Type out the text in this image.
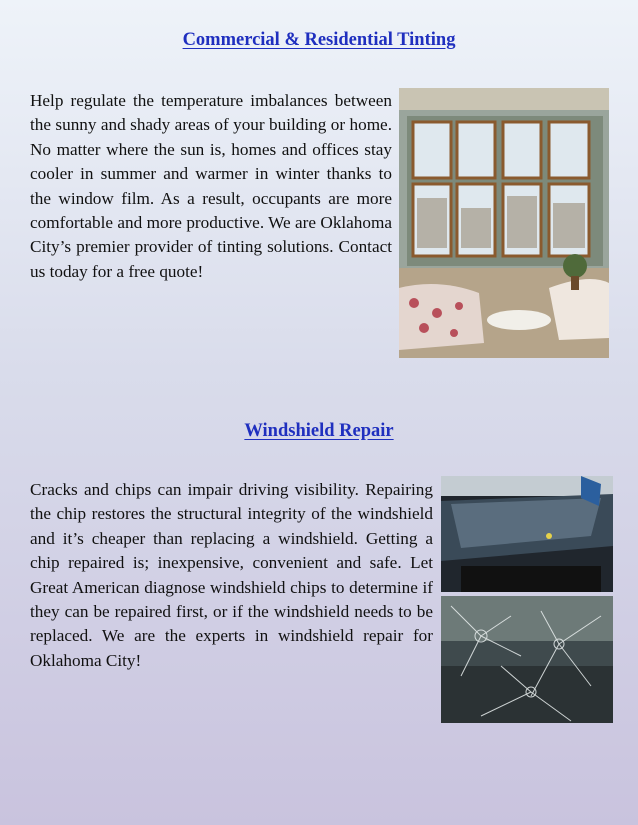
Commercial & Residential Tinting
Help regulate the temperature imbalances between the sunny and shady areas of your building or home. No matter where the sun is, homes and offices stay cooler in summer and warmer in winter thanks to the window film. As a result, occupants are more comfortable and more productive. We are Oklahoma City’s premier provider of tinting solutions. Contact us today for a free quote!
Windshield Repair
Cracks and chips can impair driving visibility. Repairing the chip restores the structural integrity of the windshield and it’s cheaper than replacing a windshield. Getting a chip repaired is; inexpensive, convenient and safe. Let Great American diagnose windshield chips to determine if they can be repaired first, or if the windshield needs to be replaced. We are the experts in windshield repair for Oklahoma City!
